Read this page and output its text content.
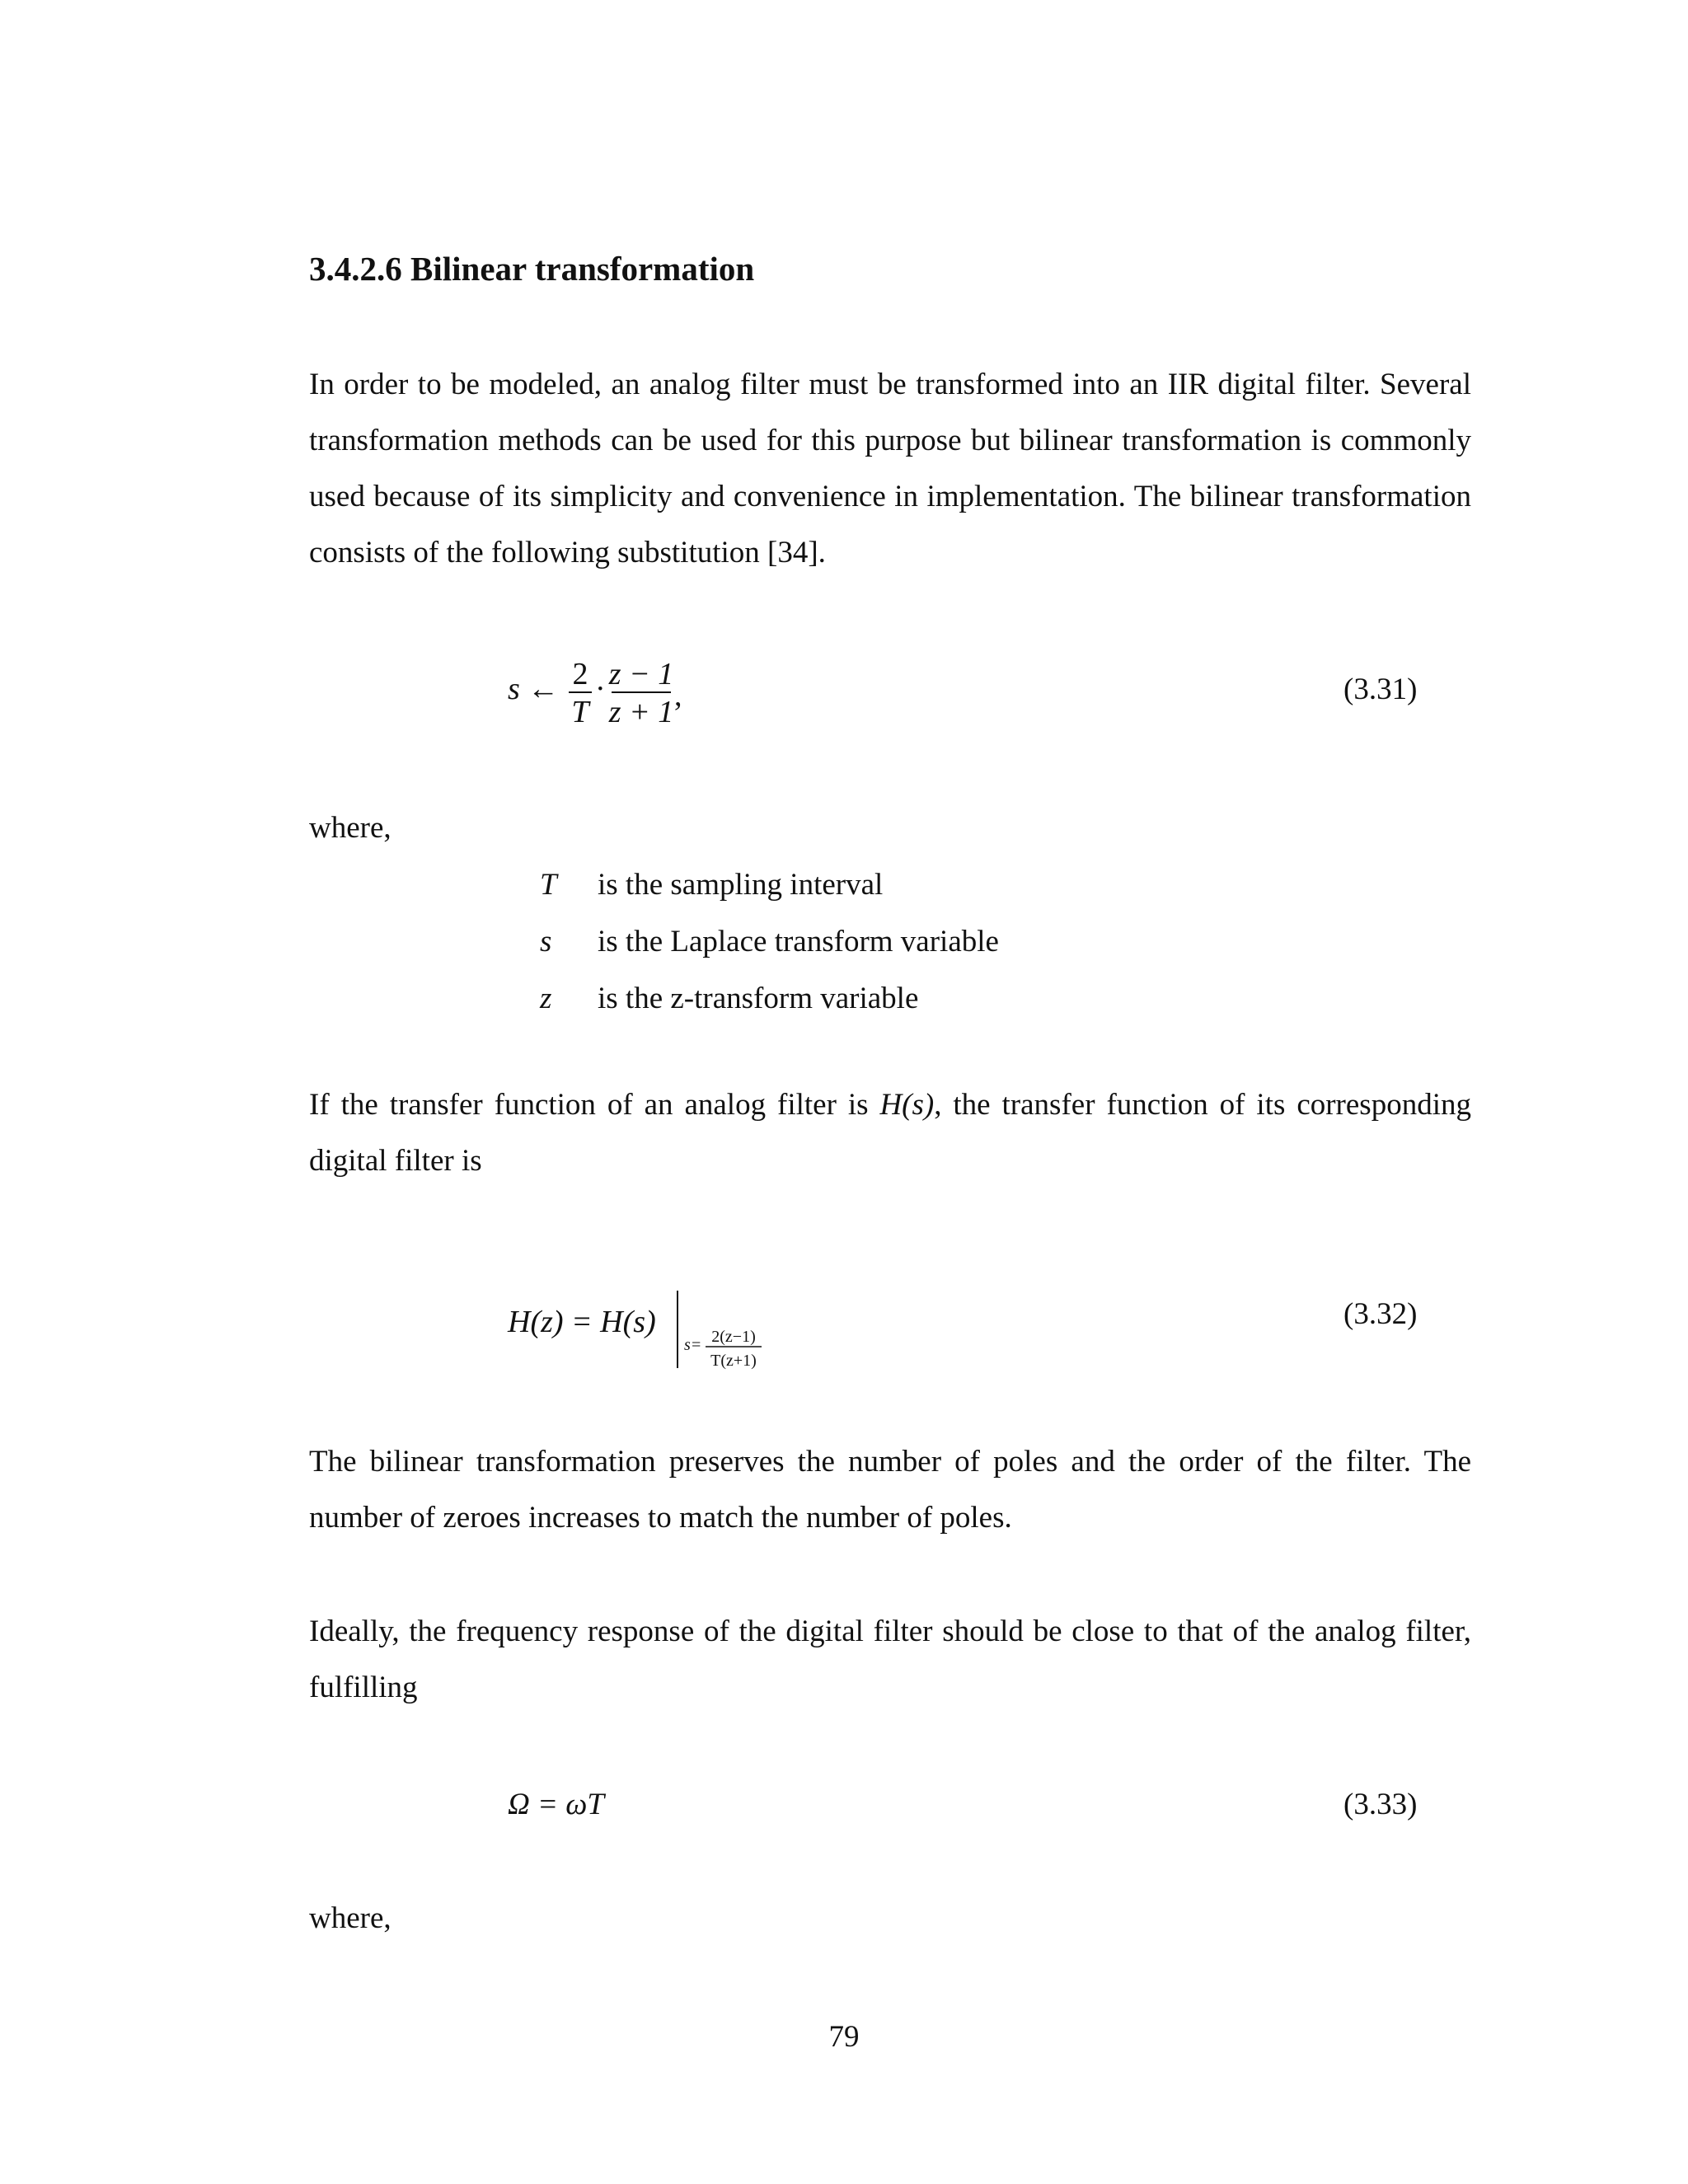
3.4.2.6 Bilinear transformation

In order to be modeled, an analog filter must be transformed into an IIR digital filter. Several transformation methods can be used for this purpose but bilinear transformation is commonly used because of its simplicity and convenience in implementation. The bilinear transformation consists of the following substitution [34].

s ← 2
T
· z − 1
z + 1 ,	(3.31)
where,
T is the sampling interval
s	is the Laplace transform variable
z	is the z-transform variable

If the transfer function of an analog filter is H(s), the transfer function of its corresponding digital filter is

H(z) = H(s)
s= 2(z−1)
T(z+1)
(3.32)

The bilinear transformation preserves the number of poles and the order of the filter. The number of zeroes increases to match the number of poles.

Ideally, the frequency response of the digital filter should be close to that of the analog filter, fulfilling

Ω = ωT	(3.33)
where,
79
